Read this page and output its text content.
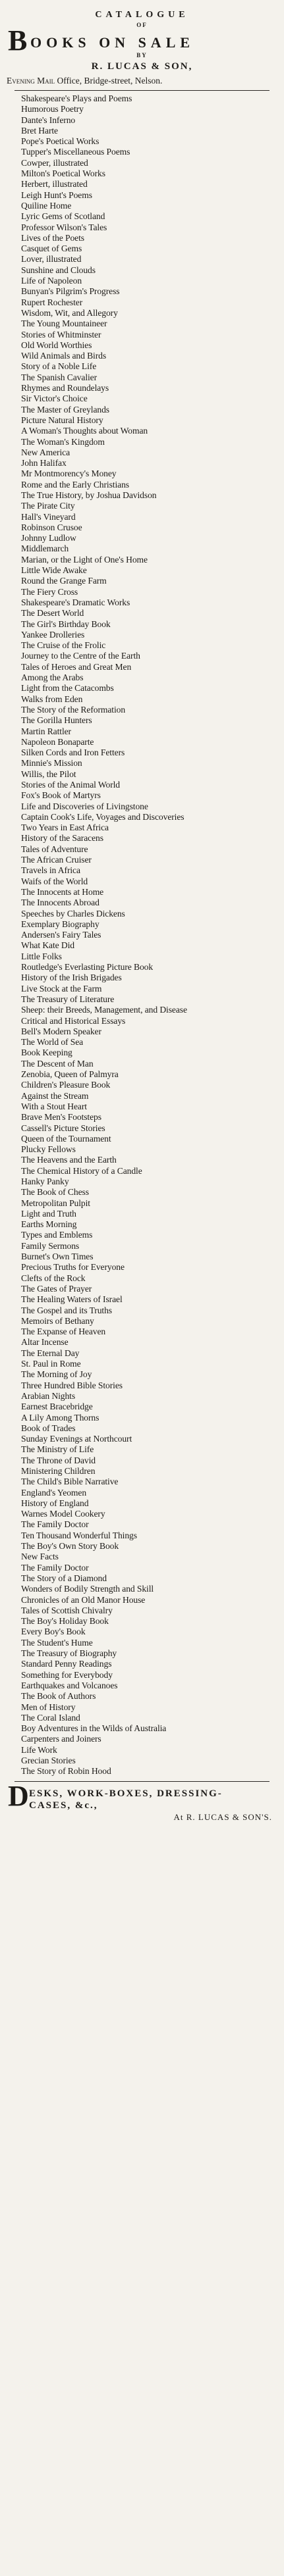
CATALOGUE
OF
B OOKS ON SALE
BY
R. LUCAS & SON,
Evening Mail Office, Bridge-street, Nelson.
Shakespeare's Plays and Poems
Humorous Poetry
Dante's Inferno
Bret Harte
Pope's Poetical Works
Tupper's Miscellaneous Poems
Cowper, illustrated
Milton's Poetical Works
Herbert, illustrated
Leigh Hunt's Poems
Quiline Home
Lyric Gems of Scotland
Professor Wilson's Tales
Lives of the Poets
Casquet of Gems
Lover, illustrated
Sunshine and Clouds
Life of Napoleon
Bunyan's Pilgrim's Progress
Rupert Rochester
Wisdom, Wit, and Allegory
The Young Mountaineer
Stories of Whitminster
Old World Worthies
Wild Animals and Birds
Story of a Noble Life
The Spanish Cavalier
Rhymes and Roundelays
Sir Victor's Choice
The Master of Greylands
Picture Natural History
A Woman's Thoughts about Woman
The Woman's Kingdom
New America
John Halifax
Mr Montmorency's Money
Rome and the Early Christians
The True History, by Joshua Davidson
The Pirate City
Hall's Vineyard
Robinson Crusoe
Johnny Ludlow
Middlemarch
Marian, or the Light of One's Home
Little Wide Awake
Round the Grange Farm
The Fiery Cross
Shakespeare's Dramatic Works
The Desert World
The Girl's Birthday Book
Yankee Drolleries
The Cruise of the Frolic
Journey to the Centre of the Earth
Tales of Heroes and Great Men
Among the Arabs
Light from the Catacombs
Walks from Eden
The Story of the Reformation
The Gorilla Hunters
Martin Rattler
Napoleon Bonaparte
Silken Cords and Iron Fetters
Minnie's Mission
Willis, the Pilot
Stories of the Animal World
Fox's Book of Martyrs
Life and Discoveries of Livingstone
Captain Cook's Life, Voyages and Discoveries
Two Years in East Africa
History of the Saracens
Tales of Adventure
The African Cruiser
Travels in Africa
Waifs of the World
The Innocents at Home
The Innocents Abroad
Speeches by Charles Dickens
Exemplary Biography
Andersen's Fairy Tales
What Kate Did
Little Folks
Routledge's Everlasting Picture Book
History of the Irish Brigades
Live Stock at the Farm
The Treasury of Literature
Sheep: their Breeds, Management, and Disease
Critical and Historical Essays
Bell's Modern Speaker
The World of Sea
Book Keeping
The Descent of Man
Zenobia, Queen of Palmyra
Children's Pleasure Book
Against the Stream
With a Stout Heart
Brave Men's Footsteps
Cassell's Picture Stories
Queen of the Tournament
Plucky Fellows
The Heavens and the Earth
The Chemical History of a Candle
Hanky Panky
The Book of Chess
Metropolitan Pulpit
Light and Truth
Earths Morning
Types and Emblems
Family Sermons
Burnet's Own Times
Precious Truths for Everyone
Clefts of the Rock
The Gates of Prayer
The Healing Waters of Israel
The Gospel and its Truths
Memoirs of Bethany
The Expanse of Heaven
Altar Incense
The Eternal Day
St. Paul in Rome
The Morning of Joy
Three Hundred Bible Stories
Arabian Nights
Earnest Bracebridge
A Lily Among Thorns
Book of Trades
Sunday Evenings at Northcourt
The Ministry of Life
The Throne of David
Ministering Children
The Child's Bible Narrative
England's Yeomen
History of England
Warnes Model Cookery
The Family Doctor
Ten Thousand Wonderful Things
The Boy's Own Story Book
New Facts
The Family Doctor
The Story of a Diamond
Wonders of Bodily Strength and Skill
Chronicles of an Old Manor House
Tales of Scottish Chivalry
The Boy's Holiday Book
Every Boy's Book
The Student's Hume
The Treasury of Biography
Standard Penny Readings
Something for Everybody
Earthquakes and Volcanoes
The Book of Authors
Men of History
The Coral Island
Boy Adventures in the Wilds of Australia
Carpenters and Joiners
Life Work
Grecian Stories
The Story of Robin Hood
D ESKS, WORK-BOXES, DRESSING-
CASES, &c.,
At R. LUCAS & SON'S.
